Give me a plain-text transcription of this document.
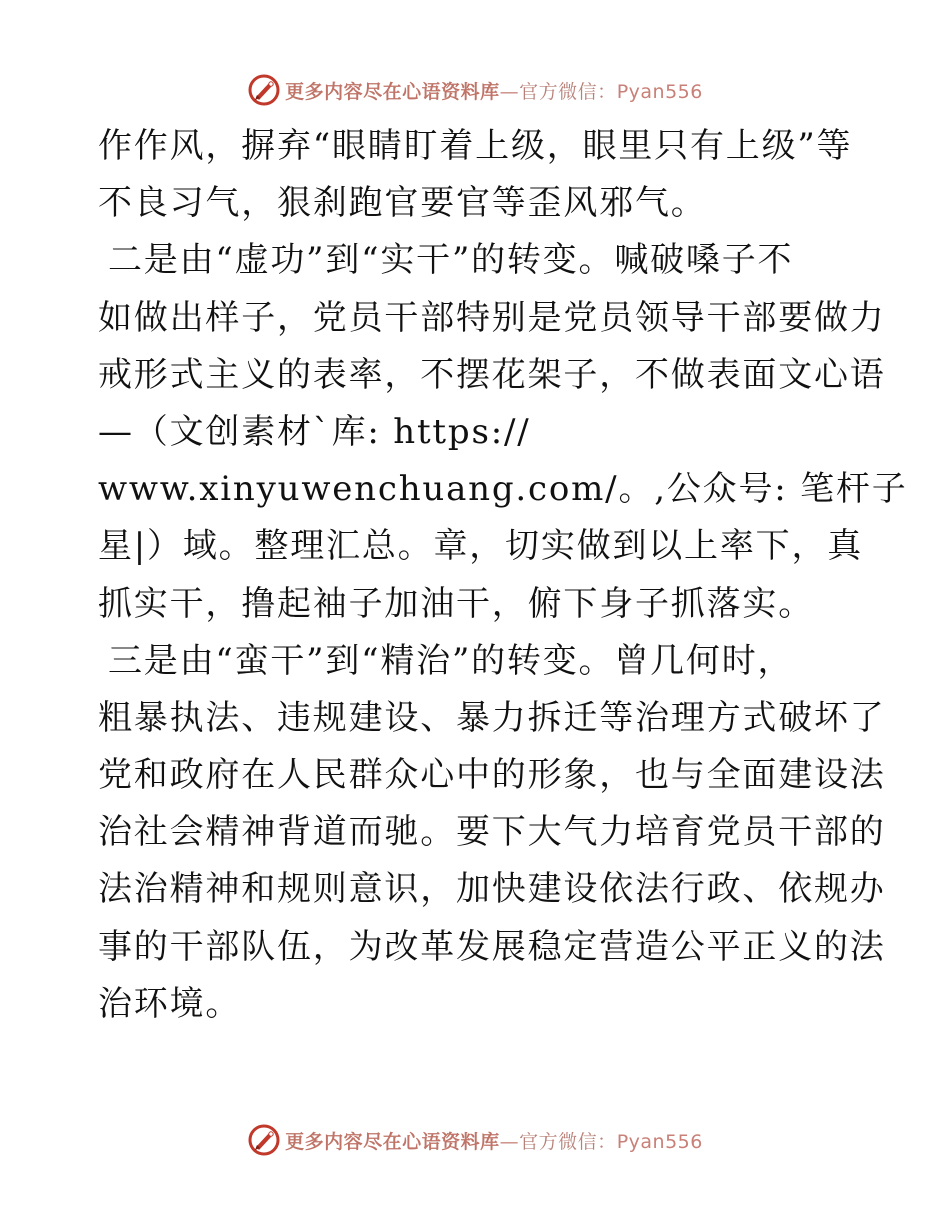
更多内容尽在心语资料库—官方微信：Pyan556
作作风，摒弃“眼睛盯着上级，眼里只有上级”等
不良习气，狠刹跑官要官等歪风邪气。
二是由“虚功”到“实干”的转变。喊破嗓子不
如做出样子，党员干部特别是党员领导干部要做力
戒形式主义的表率，不摆花架子，不做表面文心语
—（文创素材`库: https://
www.xinyuwenchuang.com/。,公众号: 笔杆子
星|）域。整理汇总。章，切实做到以上率下，真
抓实干，撸起袖子加油干，俯下身子抓落实。
三是由“蛮干”到“精治”的转变。曾几何时，
粗暴执法、违规建设、暴力拆迁等治理方式破坏了
党和政府在人民群众心中的形象，也与全面建设法
治社会精神背道而驰。要下大气力培育党员干部的
法治精神和规则意识，加快建设依法行政、依规办
事的干部队伍，为改革发展稳定营造公平正义的法
治环境。
更多内容尽在心语资料库—官方微信：Pyan556
